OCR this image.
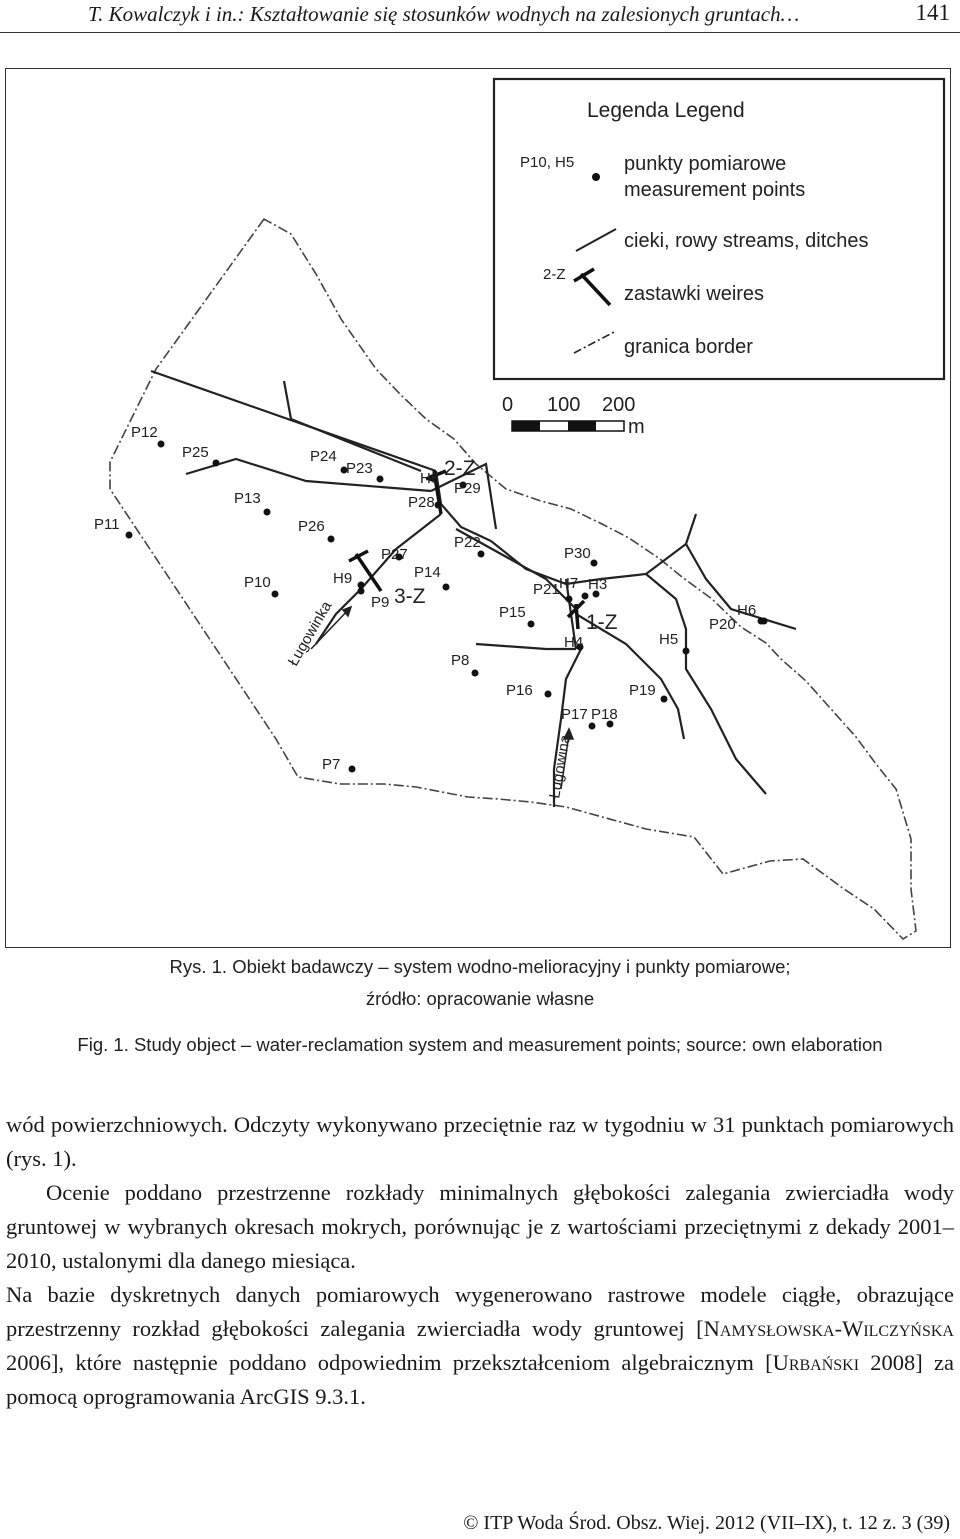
T. Kowalczyk i in.: Kształtowanie się stosunków wodnych na zalesionych gruntach…	141
P12
P25	P24
P23
H8
P28
P29
P13
P11	P26
P22
P27	P30
P14
H9
P10
P9
P21 H7 H3
H6
P15
P20
H5
H4
P8
P16	P19
P17 P18
P7
2-Z
3-Z
1-Z
Ługowinka
Ługowina
Legenda Legend
P10, H5 punkty pomiarowe
measurement points
cieki, rowy streams, ditches
2-Z
zastawki weires
granica border
0 100 200
m
Rys. 1. Obiekt badawczy – system wodno-melioracyjny i punkty pomiarowe;
źródło: opracowanie własne
Fig. 1. Study object – water-reclamation system and measurement points; source: own elaboration

wód powierzchniowych. Odczyty wykonywano przeciętnie raz w tygodniu w 31 punktach pomiarowych (rys. 1).

Ocenie poddano przestrzenne rozkłady minimalnych głębokości zalegania zwierciadła wody gruntowej w wybranych okresach mokrych, porównując je z wartościami przeciętnymi z dekady 2001–2010, ustalonymi dla danego miesiąca.

Na bazie dyskretnych danych pomiarowych wygenerowano rastrowe modele ciągłe, obrazujące przestrzenny rozkład głębokości zalegania zwierciadła wody gruntowej [Namysłowska-Wilczyńska 2006], które następnie poddano odpowiednim przekształceniom algebraicznym [Urbański 2008] za pomocą oprogramowania ArcGIS 9.3.1.

© ITP Woda Środ. Obsz. Wiej. 2012 (VII–IX), t. 12 z. 3 (39)
